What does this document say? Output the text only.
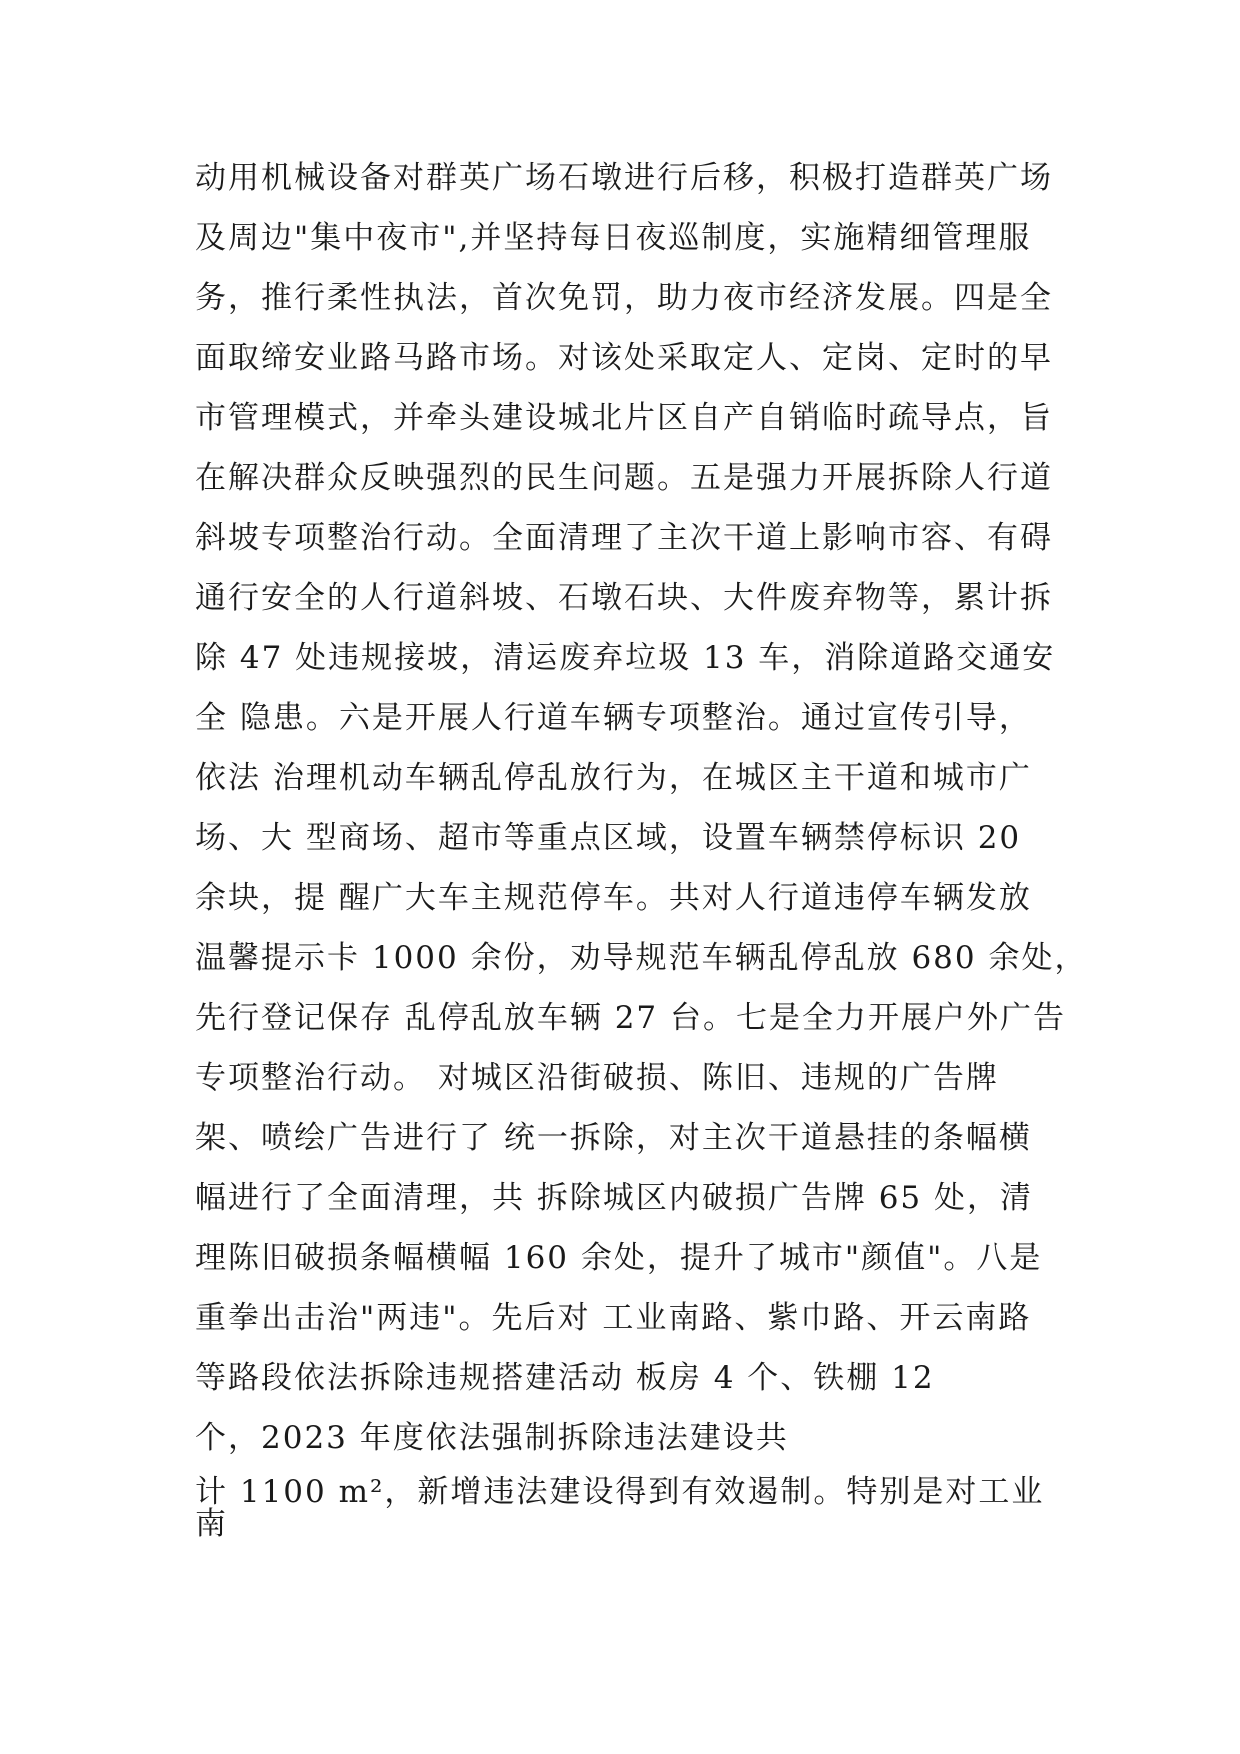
动用机械设备对群英广场石墩进行后移，积极打造群英广场
及周边"集中夜市",并坚持每日夜巡制度，实施精细管理服
务，推行柔性执法，首次免罚，助力夜市经济发展。四是全
面取缔安业路马路市场。对该处采取定人、定岗、定时的早
市管理模式，并牵头建设城北片区自产自销临时疏导点，旨
在解决群众反映强烈的民生问题。五是强力开展拆除人行道
斜坡专项整治行动。全面清理了主次干道上影响市容、有碍
通行安全的人行道斜坡、石墩石块、大件废弃物等，累计拆
除 47 处违规接坡，清运废弃垃圾 13 车，消除道路交通安
全 隐患。六是开展人行道车辆专项整治。通过宣传引导，
依法 治理机动车辆乱停乱放行为，在城区主干道和城市广
场、大 型商场、超市等重点区域，设置车辆禁停标识 20
余块，提 醒广大车主规范停车。共对人行道违停车辆发放
温馨提示卡 1000 余份，劝导规范车辆乱停乱放 680 余处，
先行登记保存 乱停乱放车辆 27 台。七是全力开展户外广告
专项整治行动。 对城区沿街破损、陈旧、违规的广告牌
架、喷绘广告进行了 统一拆除，对主次干道悬挂的条幅横
幅进行了全面清理，共 拆除城区内破损广告牌 65 处，清
理陈旧破损条幅横幅 160 余处，提升了城市"颜值"。八是
重拳出击治"两违"。先后对 工业南路、紫巾路、开云南路
等路段依法拆除违规搭建活动 板房 4 个、铁棚 12
个，2023 年度依法强制拆除违法建设共
计 1100 m²，新增违法建设得到有效遏制。特别是对工业
南
